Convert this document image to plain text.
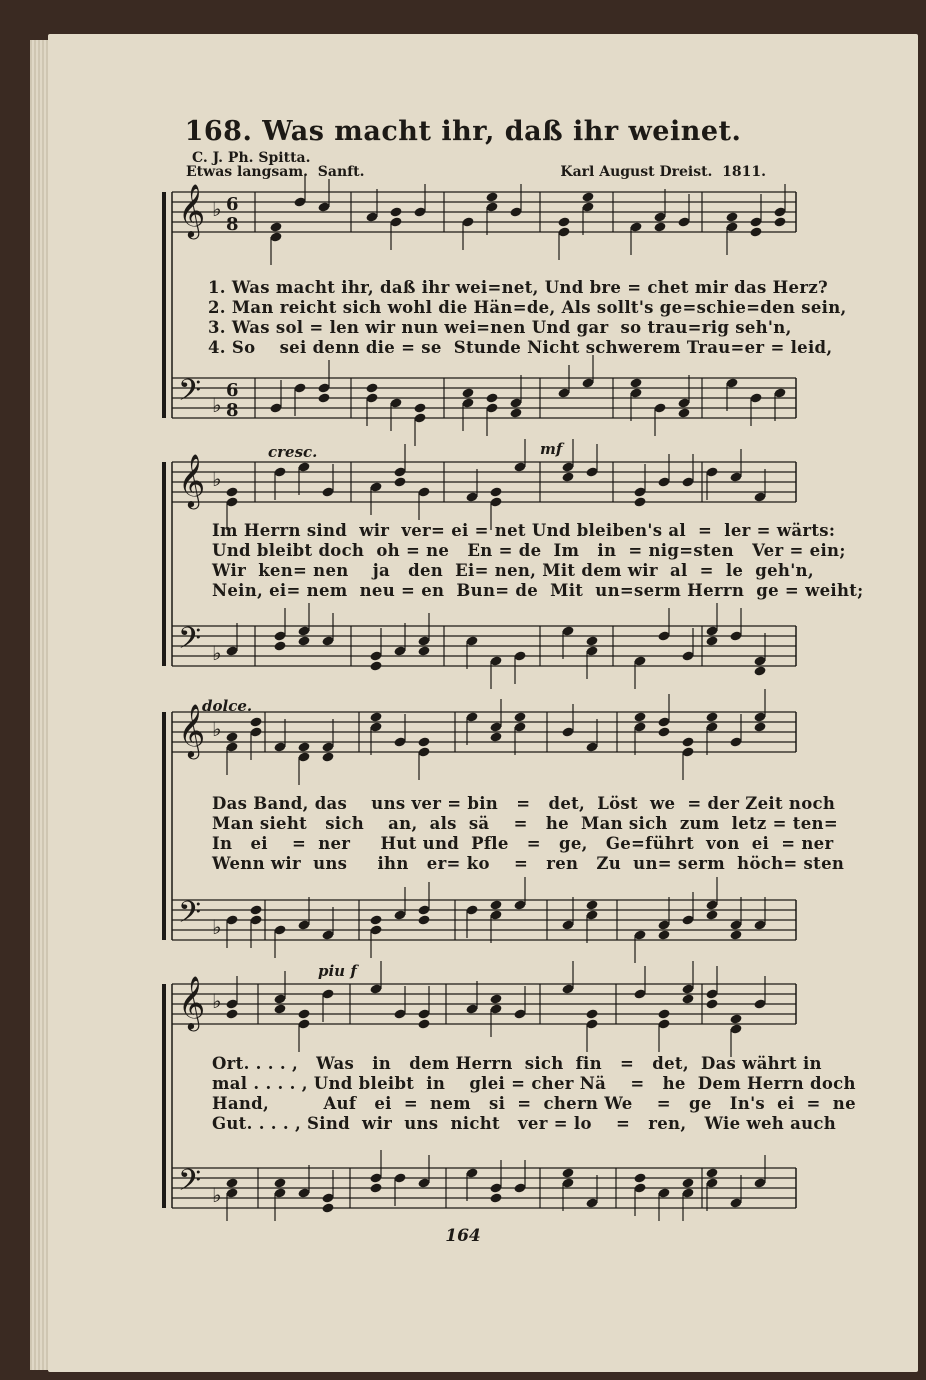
168. Was macht ihr, daß ihr weinet.
C. J. Ph. Spitta.
Etwas langsam.  Sanft.	Karl August Dreist.  1811.
𝄞 ♭ 6
8
𝄢 ♭
6
8
𝄞 ♭
𝄢 ♭
𝄞 ♭
𝄢 ♭
𝄞 ♭
𝄢 ♭
1. Was macht ihr, daß ihr wei=net, Und bre = chet mir das Herz?
2. Man reicht sich wohl die Hän=de, Als sollt's ge=schie=den sein,
3. Was sol = len wir nun wei=nen Und gar  so trau=rig seh'n,
4. So    sei denn die = se  Stunde Nicht schwerem Trau=er = leid,
cresc.	mf
Im Herrn sind  wir  ver= ei = net Und bleiben's al  =  ler = wärts:
Und bleibt doch  oh = ne   En = de  Im   in  = nig=sten   Ver = ein;
Wir  ken= nen    ja   den  Ei= nen, Mit dem wir  al  =  le  geh'n,
Nein, ei= nem  neu = en  Bun= de  Mit  un=serm Herrn  ge = weiht;
dolce.
Das Band, das    uns ver = bin   =   det,  Löst  we  = der Zeit noch
Man sieht   sich    an,  als  sä    =   he  Man sich  zum  letz = ten=
In   ei    =  ner     Hut und  Pfle   =   ge,   Ge=führt  von  ei  = ner
Wenn wir  uns     ihn   er= ko    =   ren   Zu  un= serm  höch= sten
piu f
Ort. . . . ,   Was   in   dem Herrn  sich  fin   =   det,  Das währt in
mal . . . . , Und bleibt  in    glei = cher Nä    =   he  Dem Herrn doch
Hand,         Auf   ei  =  nem   si  =  chern We    =   ge   In's  ei  =  ne
Gut. . . . , Sind  wir  uns  nicht   ver = lo    =   ren,   Wie weh auch
164
